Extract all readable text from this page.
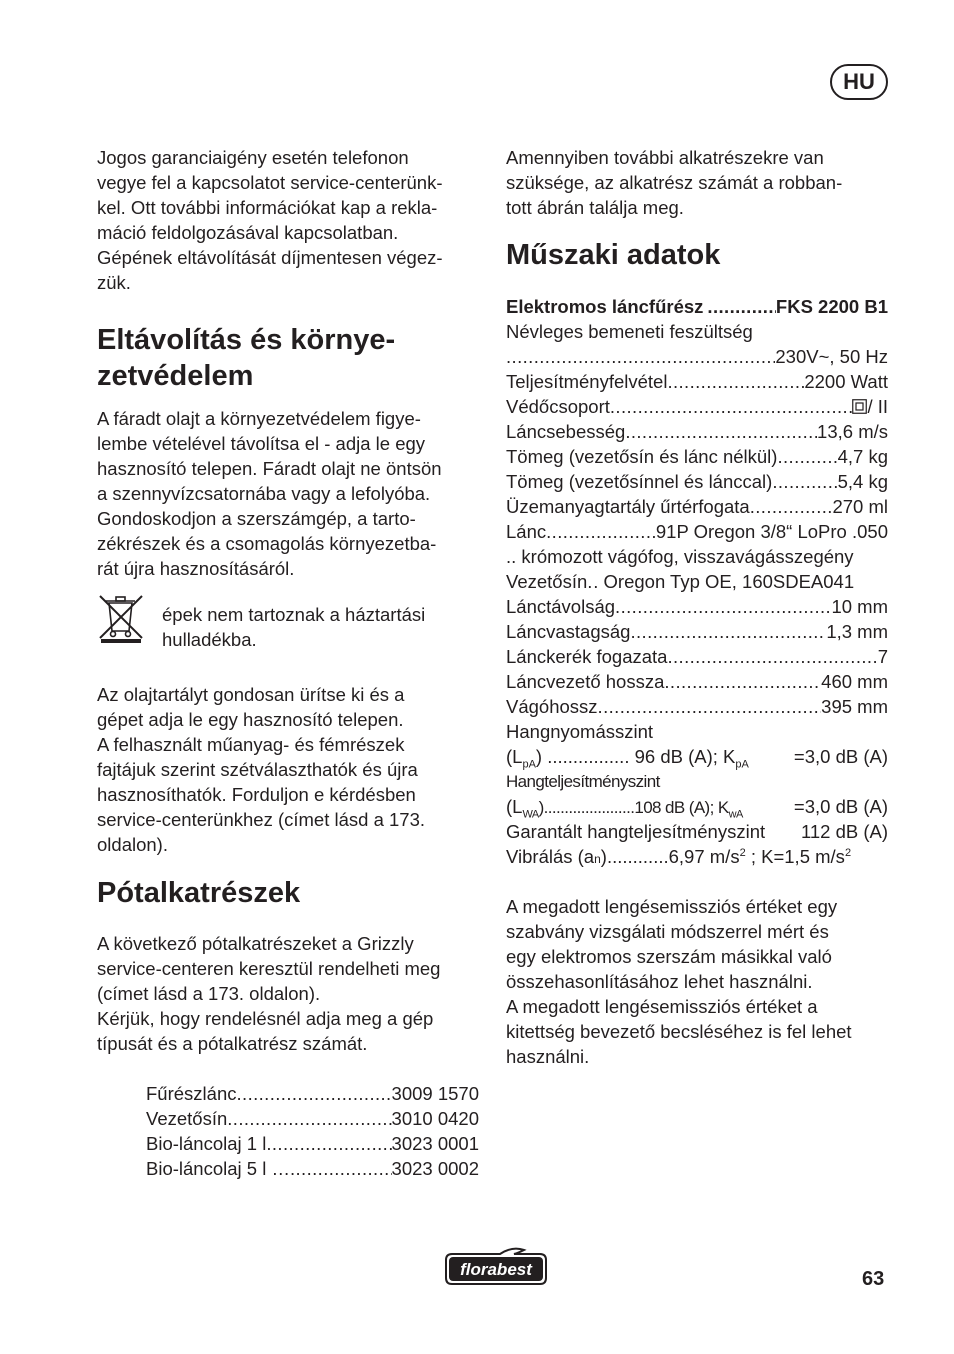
HU
Jogos garanciaigény esetén telefonon
vegye fel a kapcsolatot service-centerünk-
kel. Ott további információkat kap a rekla-
máció feldolgozásával kapcsolatban.
Gépének eltávolítását díjmentesen végez-
zük.
Eltávolítás és környe-
zetvédelem
A fáradt olajt a környezetvédelem figye-
lembe vételével távolítsa el - adja le egy
hasznosító telepen. Fáradt olajt ne öntsön
a szennyvízcsatornába vagy a lefolyóba.
Gondoskodjon a szerszámgép, a tarto-
zékrészek és a csomagolás környezetba-
rát újra hasznosításáról.
épek nem tartoznak a háztartási
hulladékba.
Az olajtartályt gondosan ürítse ki és a
gépet adja le egy hasznosító telepen.
A felhasznált műanyag- és fémrészek
fajtájuk szerint szétválaszthatók és újra
hasznosíthatók. Forduljon e kérdésben
service-centerünkhez (címet lásd a 173.
oldalon).
Pótalkatrészek
A következő pótalkatrészeket a Grizzly
service-centeren keresztül rendelheti meg
(címet lásd a 173. oldalon).
Kérjük, hogy rendelésnél adja meg a gép
típusát és a pótalkatrész számát.
Fűrészlánc .....	3009 1570
Vezetősín .....	3010 0420
Bio-láncolaj 1 l .....	3023 0001
Bio-láncolaj 5 l … .....	3023 0002
Amennyiben további alkatrészekre van
szüksége, az alkatrész számát a robban-
tott ábrán találja meg.
Műszaki adatok
Elektromos láncfűrész .....	FKS 2200 B1
Névleges bemeneti feszültség
.....
230V~, 50 Hz
Teljesítményfelvétel .....	2200 Watt
Védőcsoport .....	/ II
Láncsebesség .....	13,6 m/s
Tömeg (vezetősín és lánc nélkül) .....	4,7 kg
Tömeg (vezetősínnel és lánccal) .....	5,4 kg
Üzemanyagtartály űrtérfogata .....	270 ml
Lánc .....	91P Oregon 3/8“ LoPro .050
.. krómozott vágófog, visszavágásszegény
Vezetősín ..... . Oregon Typ OE, 160SDEA041
Lánctávolság .....	10 mm
Láncvastagság .....	1,3 mm
Lánckerék fogazata .....	7
Láncvezető hossza .....	460 mm
Vágóhossz .....	395 mm
Hangnyomásszint
$(L_{pA})$ ................ 96 dB (A); $K_{pA} =3,0$ dB (A)
Hangteljesítményszint
$(L_{WA})......................108$ dB (A); $K_{wA}$	=3,0 dB (A)
Garantált hangteljesítményszint 112 dB (A)
Vibrálás (an)............6,97 $m/s^2$ ; K=1,5 $m/s^2$
A megadott lengésemissziós értéket egy
szabvány vizsgálati módszerrel mért és
egy elektromos szerszám másikkal való
összehasonlításához lehet használni.
A megadott lengésemissziós értéket a
kitettség bevezető becsléséhez is fel lehet
használni.
florabest	63
